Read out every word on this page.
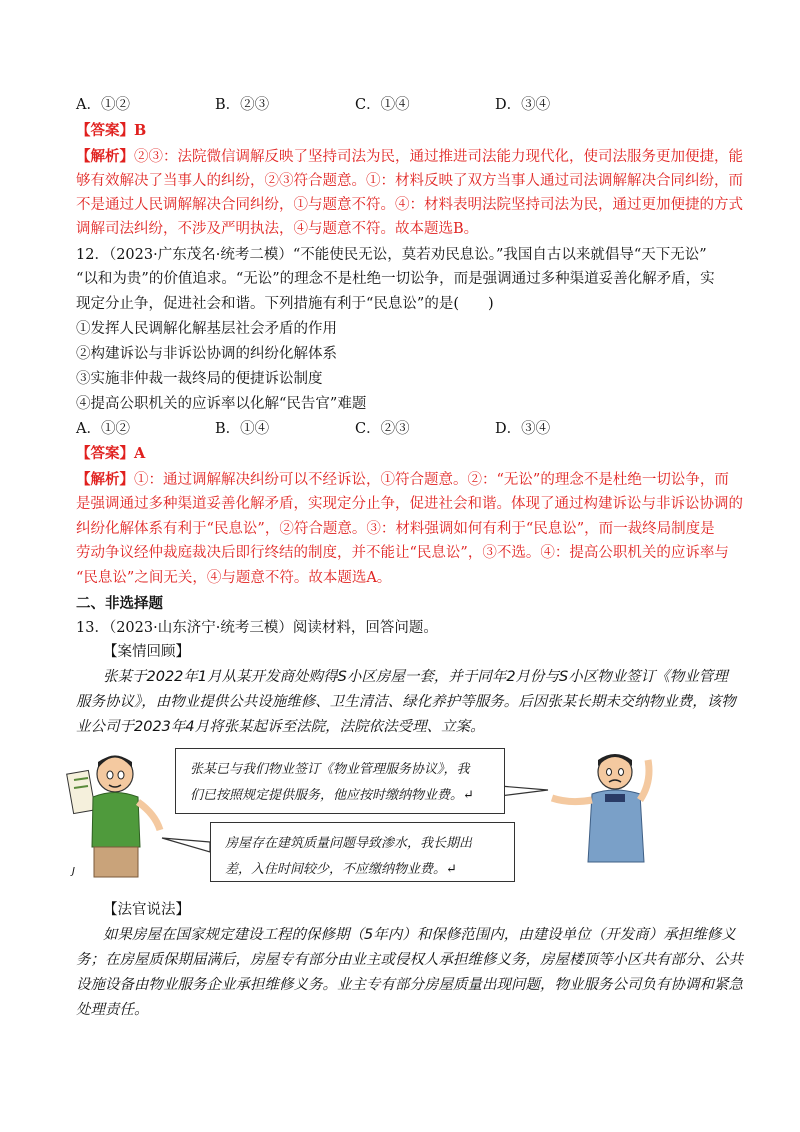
A．①②	B．②③	C．①④	D．③④
【答案】B
【解析】②③：法院微信调解反映了坚持司法为民，通过推进司法能力现代化，使司法服务更加便捷，能
够有效解决了当事人的纠纷，②③符合题意。①：材料反映了双方当事人通过司法调解解决合同纠纷，而
不是通过人民调解解决合同纠纷，①与题意不符。④：材料表明法院坚持司法为民，通过更加便捷的方式
调解司法纠纷，不涉及严明执法，④与题意不符。故本题选B。
12．（2023·广东茂名·统考二模）“不能使民无讼，莫若劝民息讼。”我国自古以来就倡导“天下无讼”
“以和为贵”的价值追求。“无讼”的理念不是杜绝一切讼争，而是强调通过多种渠道妥善化解矛盾，实
现定分止争，促进社会和谐。下列措施有利于“民息讼”的是(　　)
①发挥人民调解化解基层社会矛盾的作用
②构建诉讼与非诉讼协调的纠纷化解体系
③实施非仲裁一裁终局的便捷诉讼制度
④提高公职机关的应诉率以化解“民告官”难题
A．①②	B．①④	C．②③	D．③④
【答案】A
【解析】①：通过调解解决纠纷可以不经诉讼，①符合题意。②：“无讼”的理念不是杜绝一切讼争，而
是强调通过多种渠道妥善化解矛盾，实现定分止争，促进社会和谐。体现了通过构建诉讼与非诉讼协调的
纠纷化解体系有利于“民息讼”，②符合题意。③：材料强调如何有利于“民息讼”，而一裁终局制度是
劳动争议经仲裁庭裁决后即行终结的制度，并不能让“民息讼”，③不选。④：提高公职机关的应诉率与
“民息讼”之间无关，④与题意不符。故本题选A。
二、非选择题
13．（2023·山东济宁·统考三模）阅读材料，回答问题。
【案情回顾】
张某于2022年1月从某开发商处购得S小区房屋一套，并于同年2月份与S小区物业签订《物业管理
服务协议》，由物业提供公共设施维修、卫生清洁、绿化养护等服务。后因张某长期未交纳物业费，该物
业公司于2023年4月将张某起诉至法院，法院依法受理、立案。
张某已与我们物业签订《物业管理服务协议》，我
们已按照规定提供服务，他应按时缴纳物业费。↵
房屋存在建筑质量问题导致渗水，我长期出
差，入住时间较少，不应缴纳物业费。↵
J
【法官说法】
如果房屋在国家规定建设工程的保修期（5年内）和保修范围内，由建设单位（开发商）承担维修义
务；在房屋质保期届满后，房屋专有部分由业主或侵权人承担维修义务，房屋楼顶等小区共有部分、公共
设施设备由物业服务企业承担维修义务。业主专有部分房屋质量出现问题，物业服务公司负有协调和紧急
处理责任。
